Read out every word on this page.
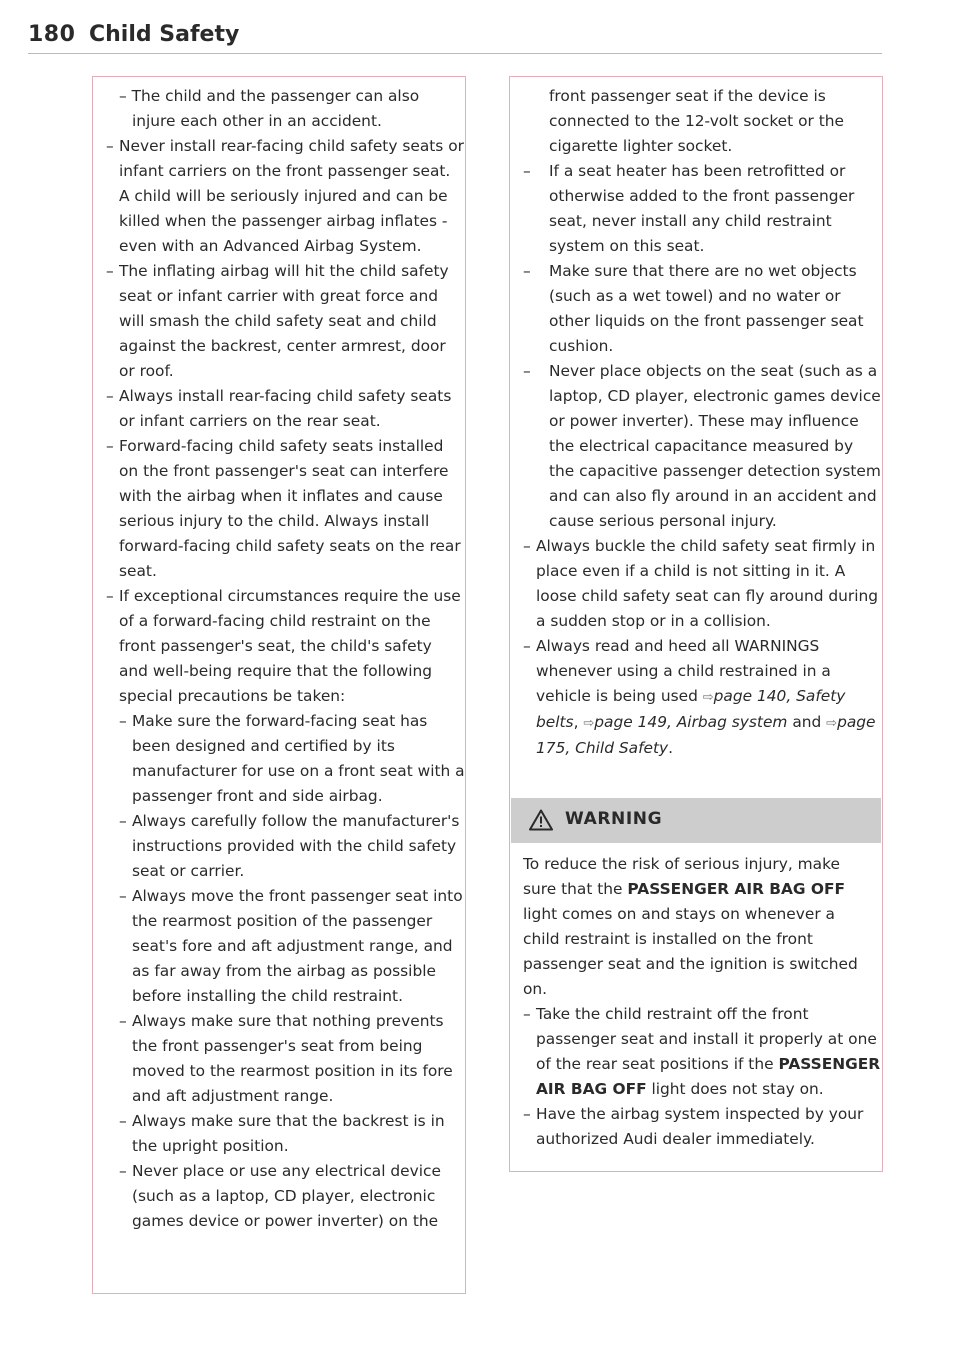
180 Child Safety
– The child and the passenger can also injure each other in an accident.
– Never install rear-facing child safety seats or infant carriers on the front passenger seat. A child will be seriously injured and can be killed when the passenger airbag inflates - even with an Advanced Airbag System.
– The inflating airbag will hit the child safety seat or infant carrier with great force and will smash the child safety seat and child against the backrest, center armrest, door or roof.
– Always install rear-facing child safety seats or infant carriers on the rear seat.
– Forward-facing child safety seats installed on the front passenger's seat can interfere with the airbag when it inflates and cause serious injury to the child. Always install forward-facing child safety seats on the rear seat.
– If exceptional circumstances require the use of a forward-facing child restraint on the front passenger's seat, the child's safety and well-being require that the following special precautions be taken:
– Make sure the forward-facing seat has been designed and certified by its manufacturer for use on a front seat with a passenger front and side airbag.
– Always carefully follow the manufacturer's instructions provided with the child safety seat or carrier.
– Always move the front passenger seat into the rearmost position of the passenger seat's fore and aft adjustment range, and as far away from the airbag as possible before installing the child restraint.
– Always make sure that nothing prevents the front passenger's seat from being moved to the rearmost position in its fore and aft adjustment range.
– Always make sure that the backrest is in the upright position.
– Never place or use any electrical device (such as a laptop, CD player, electronic games device or power inverter) on the
front passenger seat if the device is connected to the 12-volt socket or the cigarette lighter socket.
– If a seat heater has been retrofitted or otherwise added to the front passenger seat, never install any child restraint system on this seat.
– Make sure that there are no wet objects (such as a wet towel) and no water or other liquids on the front passenger seat cushion.
– Never place objects on the seat (such as a laptop, CD player, electronic games device or power inverter). These may influence the electrical capacitance measured by the capacitive passenger detection system and can also fly around in an accident and cause serious personal injury.
– Always buckle the child safety seat firmly in place even if a child is not sitting in it. A loose child safety seat can fly around during a sudden stop or in a collision.
– Always read and heed all WARNINGS whenever using a child restrained in a vehicle is being used ⇨page 140, Safety belts, ⇨page 149, Airbag system and ⇨page 175, Child Safety.
WARNING
To reduce the risk of serious injury, make sure that the PASSENGER AIR BAG OFF light comes on and stays on whenever a child restraint is installed on the front passenger seat and the ignition is switched on.
– Take the child restraint off the front passenger seat and install it properly at one of the rear seat positions if the PASSENGER AIR BAG OFF light does not stay on.
– Have the airbag system inspected by your authorized Audi dealer immediately.
